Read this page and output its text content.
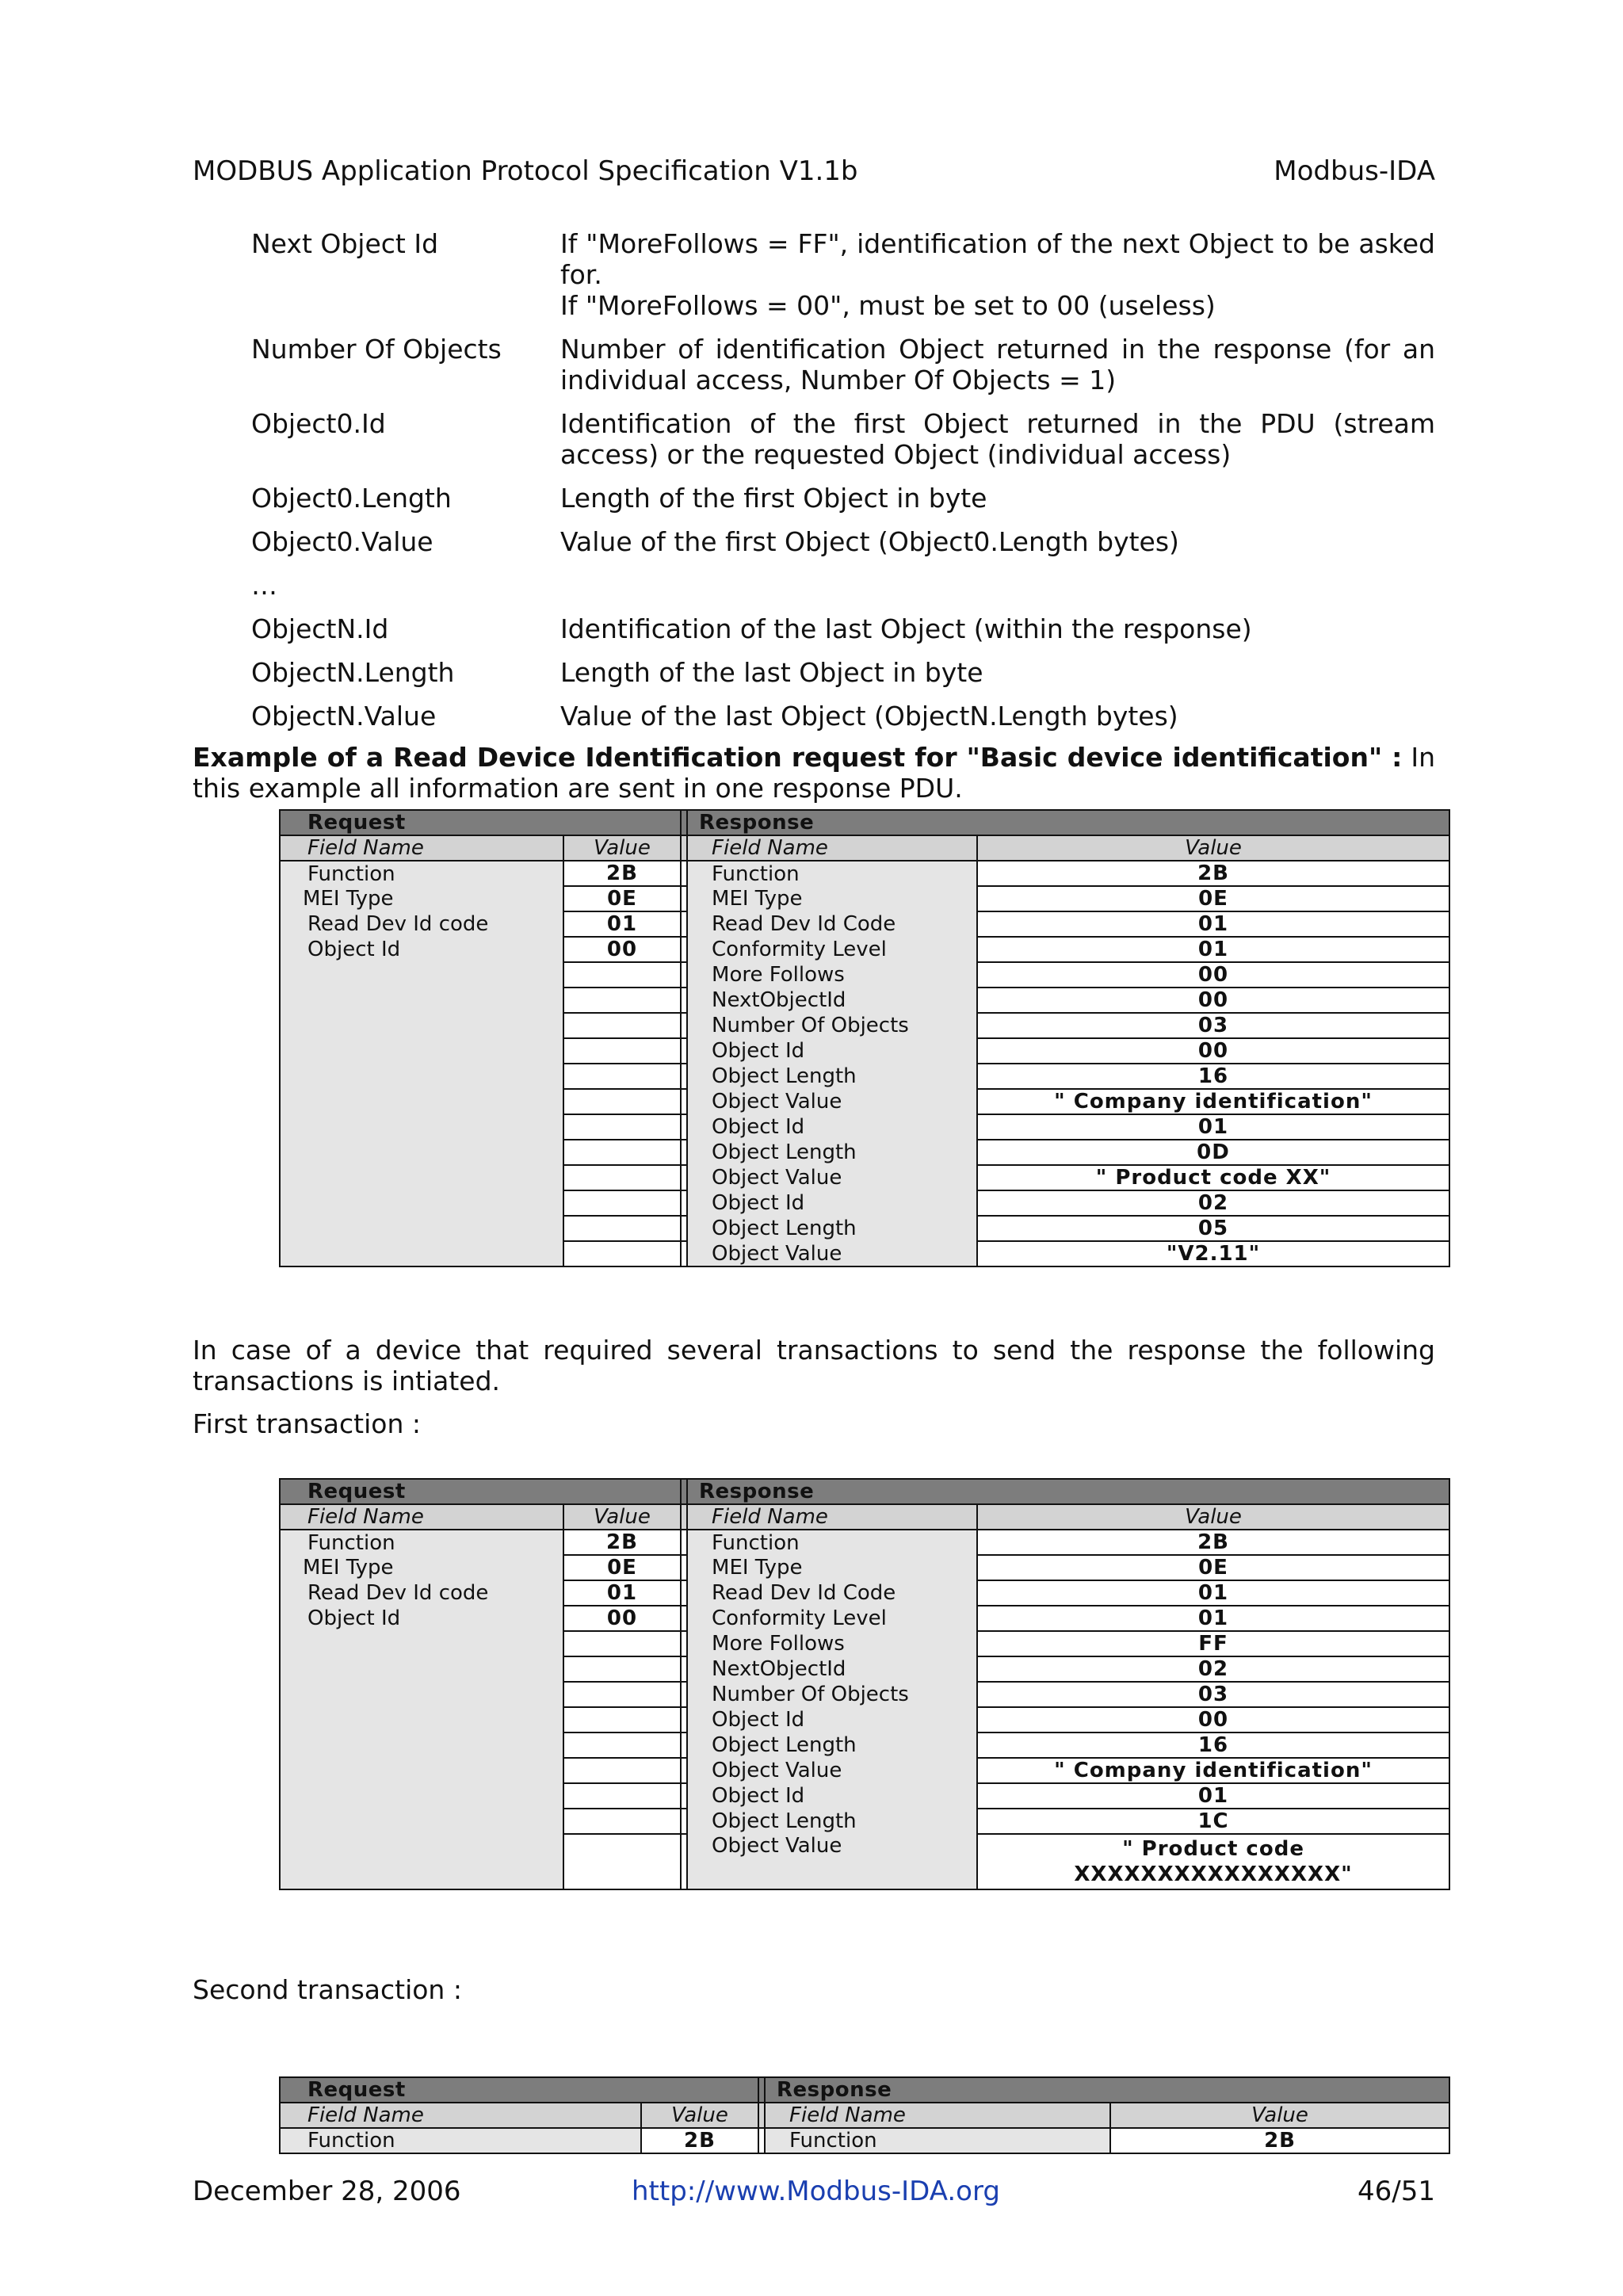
MODBUS Application Protocol Specification V1.1b	Modbus-IDA
Next Object Id	If "MoreFollows = FF", identification of the next Object to be asked for.
If "MoreFollows = 00", must be set to 00 (useless)
Number Of Objects	Number of identification Object returned in the response (for an individual access, Number Of Objects = 1)
Object0.Id	Identification of the first Object returned in the PDU (stream access) or the requested Object (individual access)
Object0.Length	Length of the first Object in byte
Object0.Value	Value of the first Object (Object0.Length bytes)
…
ObjectN.Id	Identification of the last Object (within the response)
ObjectN.Length	Length of the last Object in byte
ObjectN.Value	Value of the last Object (ObjectN.Length bytes)
Example of a Read Device Identification request for "Basic device identification" : In this example all information are sent in one response PDU.
Request			Response	
Field Name	Value		Field Name	Value
Function	2B		Function	2B
MEI Type	0E		MEI Type	0E
Read Dev Id code	01		Read Dev Id Code	01
Object Id	00		Conformity Level	01
			More Follows	00
			NextObjectId	00
			Number Of Objects	03
			Object Id	00
			Object Length	16
			Object Value	" Company identification"
			Object Id	01
			Object Length	0D
			Object Value	" Product code XX"
			Object Id	02
			Object Length	05
			Object Value	"V2.11"
In case of a device that required several transactions to send the response the following transactions is intiated.
First transaction :
Request			Response	
Field Name	Value		Field Name	Value
Function	2B		Function	2B
MEI Type	0E		MEI Type	0E
Read Dev Id code	01		Read Dev Id Code	01
Object Id	00		Conformity Level	01
			More Follows	FF
			NextObjectId	02
			Number Of Objects	03
			Object Id	00
			Object Length	16
			Object Value	" Company identification"
			Object Id	01
			Object Length	1C
			Object Value	" Product code XXXXXXXXXXXXXXXX"
Second transaction :
Request			Response	
Field Name	Value		Field Name	Value
Function	2B		Function	2B
December 28, 2006	http://www.Modbus-IDA.org	46/51
